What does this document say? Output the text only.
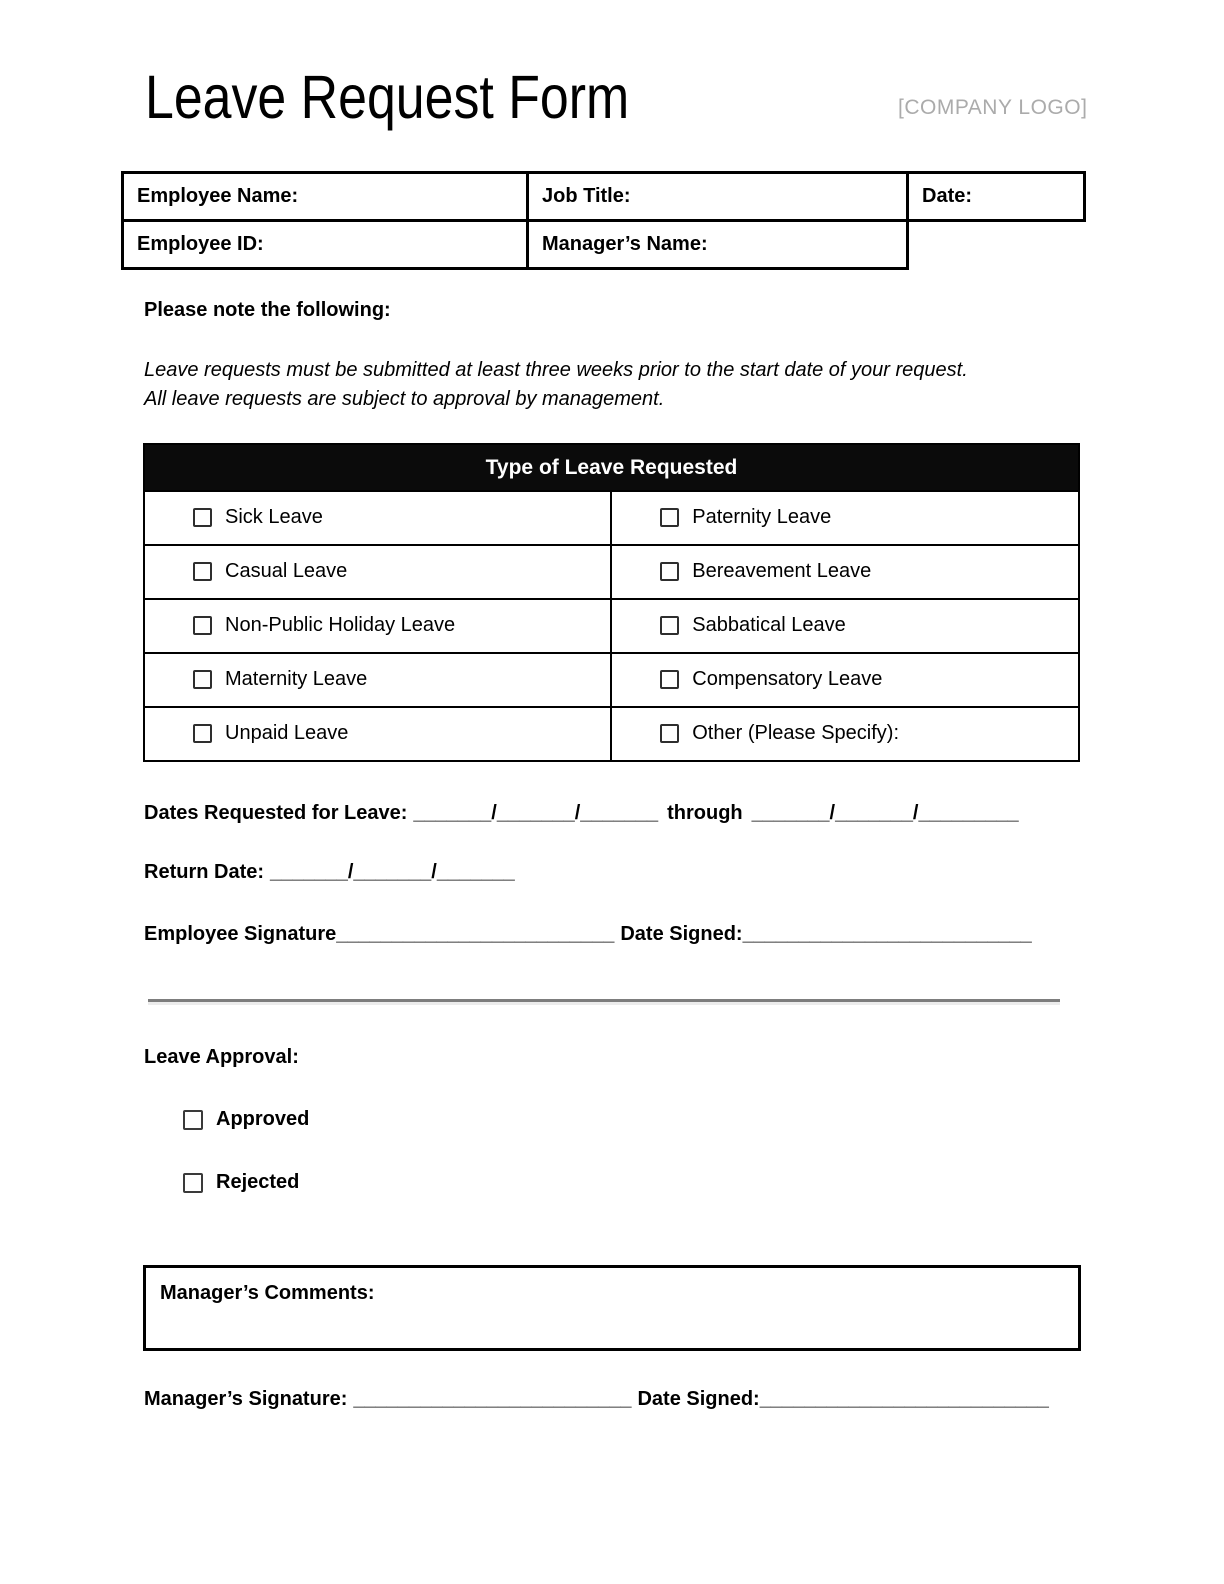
Leave Request Form	[COMPANY LOGO]
Employee Name:	Job Title:	Date:
Employee ID:	Manager’s Name:
Please note the following:
Leave requests must be submitted at least three weeks prior to the start date of your request.
All leave requests are subject to approval by management.
Type of Leave Requested
Sick Leave	Paternity Leave
Casual Leave	Bereavement Leave
Non-Public Holiday Leave	Sabbatical Leave
Maternity Leave	Compensatory Leave
Unpaid Leave	Other (Please Specify):
Dates Requested for Leave: _______/_______/_______ through _______/_______/_________
Return Date: _______/_______/_______
Employee Signature _________________________ Date Signed: __________________________
Leave Approval:
Approved
Rejected
Manager’s Comments:
Manager’s Signature: _________________________ Date Signed: __________________________
